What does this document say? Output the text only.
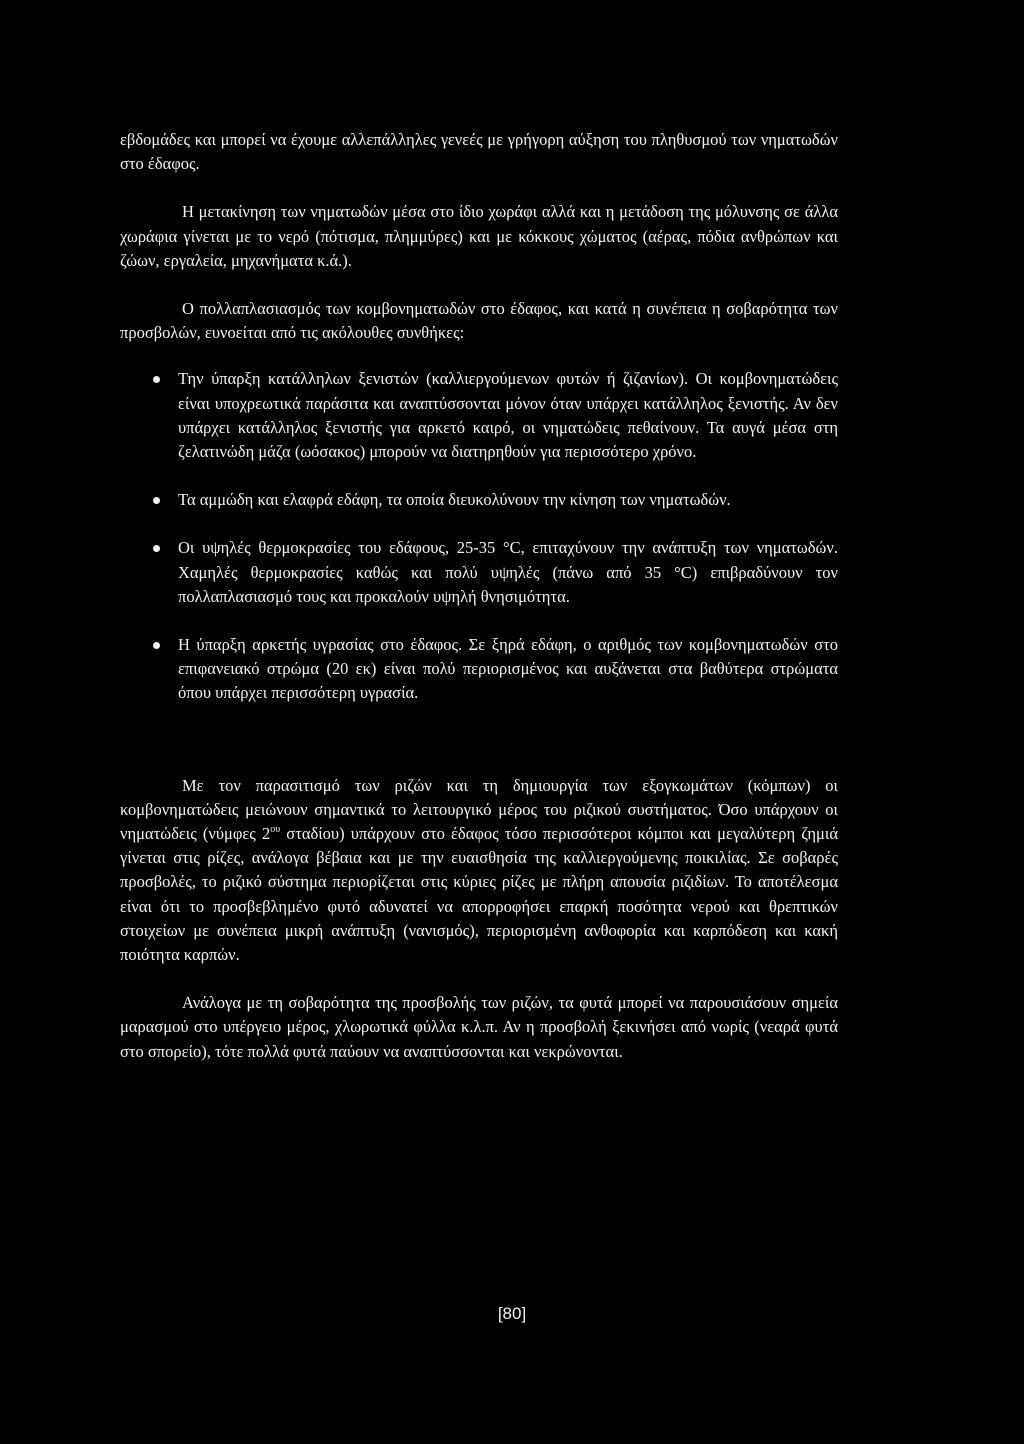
εβδομάδες και μπορεί να έχουμε αλλεπάλληλες γενεές με γρήγορη αύξηση του πληθυσμού των νηματωδών στο έδαφος.

Η μετακίνηση των νηματωδών μέσα στο ίδιο χωράφι αλλά και η μετάδοση της μόλυνσης σε άλλα χωράφια γίνεται με το νερό (πότισμα, πλημμύρες) και με κόκκους χώματος (αέρας, πόδια ανθρώπων και ζώων, εργαλεία, μηχανήματα κ.ά.).

Ο πολλαπλασιασμός των κομβονηματωδών στο έδαφος, και κατά η συνέπεια η σοβαρότητα των προσβολών, ευνοείται από τις ακόλουθες συνθήκες:

Την ύπαρξη κατάλληλων ξενιστών (καλλιεργούμενων φυτών ή ζιζανίων). Οι κομβονηματώδεις είναι υποχρεωτικά παράσιτα και αναπτύσσονται μόνον όταν υπάρχει κατάλληλος ξενιστής. Αν δεν υπάρχει κατάλληλος ξενιστής για αρκετό καιρό, οι νηματώδεις πεθαίνουν. Τα αυγά μέσα στη ζελατινώδη μάζα (ωόσακος) μπορούν να διατηρηθούν για περισσότερο χρόνο.
Τα αμμώδη και ελαφρά εδάφη, τα οποία διευκολύνουν την κίνηση των νηματωδών.
Οι υψηλές θερμοκρασίες του εδάφους, 25-35 °C, επιταχύνουν την ανάπτυξη των νηματωδών. Χαμηλές θερμοκρασίες καθώς και πολύ υψηλές (πάνω από 35 °C) επιβραδύνουν τον πολλαπλασιασμό τους και προκαλούν υψηλή θνησιμότητα.
Η ύπαρξη αρκετής υγρασίας στο έδαφος. Σε ξηρά εδάφη, ο αριθμός των κομβονηματωδών στο επιφανειακό στρώμα (20 εκ) είναι πολύ περιορισμένος και αυξάνεται στα βαθύτερα στρώματα όπου υπάρχει περισσότερη υγρασία.

Με τον παρασιτισμό των ριζών και τη δημιουργία των εξογκωμάτων (κόμπων) οι κομβονηματώδεις μειώνουν σημαντικά το λειτουργικό μέρος του ριζικού συστήματος. Όσο υπάρχουν οι νηματώδεις (νύμφες $2^{o\upsilon}$ σταδίου) υπάρχουν στο έδαφος τόσο περισσότεροι κόμποι και μεγαλύτερη ζημιά γίνεται στις ρίζες, ανάλογα βέβαια και με την ευαισθησία της καλλιεργούμενης ποικιλίας. Σε σοβαρές προσβολές, το ριζικό σύστημα περιορίζεται στις κύριες ρίζες με πλήρη απουσία ριζιδίων. Το αποτέλεσμα είναι ότι το προσβεβλημένο φυτό αδυνατεί να απορροφήσει επαρκή ποσότητα νερού και θρεπτικών στοιχείων με συνέπεια μικρή ανάπτυξη (νανισμός), περιορισμένη ανθοφορία και καρπόδεση και κακή ποιότητα καρπών.

Ανάλογα με τη σοβαρότητα της προσβολής των ριζών, τα φυτά μπορεί να παρουσιάσουν σημεία μαρασμού στο υπέργειο μέρος, χλωρωτικά φύλλα κ.λ.π. Αν η προσβολή ξεκινήσει από νωρίς (νεαρά φυτά στο σπορείο), τότε πολλά φυτά παύουν να αναπτύσσονται και νεκρώνονται.

[80]
